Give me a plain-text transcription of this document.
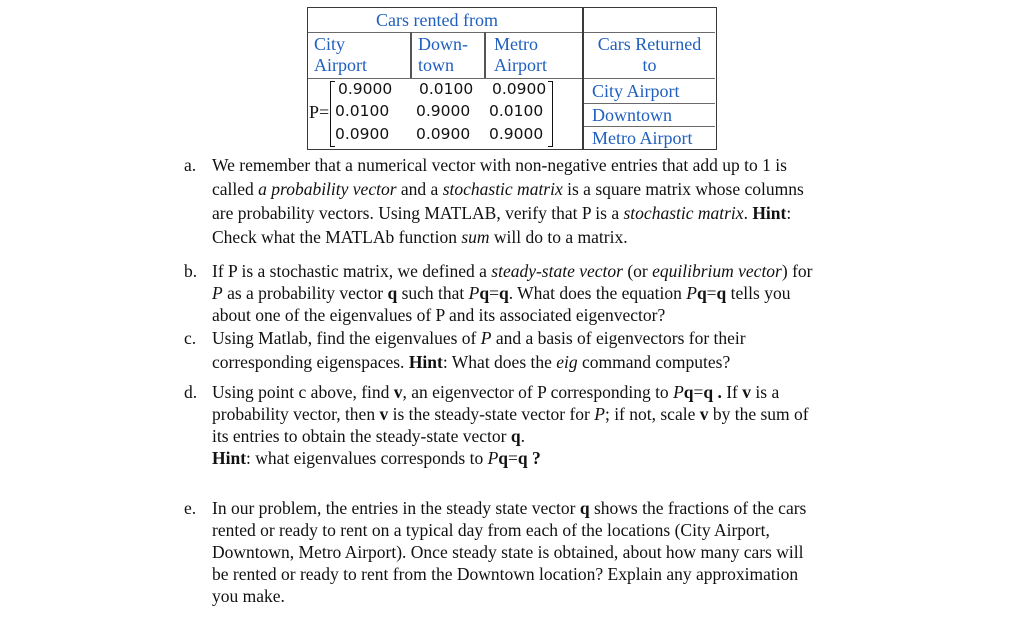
Cars rented from
City
Airport
Down-
town
Metro
Airport
Cars Returned
to
P=
0.9000 0.0100 0.0900
0.0100 0.9000 0.0100
0.0900 0.0900 0.9000
City Airport
Downtown
Metro Airport
a. We remember that a numerical vector with non-negative entries that add up to 1 is
called a probability vector and a stochastic matrix is a square matrix whose columns
are probability vectors. Using MATLAB, verify that P is a stochastic matrix. Hint:
Check what the MATLAb function sum will do to a matrix.
b. If P is a stochastic matrix, we defined a steady-state vector (or equilibrium vector) for
P as a probability vector q such that Pq=q. What does the equation Pq=q tells you
about one of the eigenvalues of P and its associated eigenvector?
c. Using Matlab, find the eigenvalues of P and a basis of eigenvectors for their
corresponding eigenspaces. Hint: What does the eig command computes?
d. Using point c above, find v, an eigenvector of P corresponding to Pq=q . If v is a
probability vector, then v is the steady-state vector for P; if not, scale v by the sum of
its entries to obtain the steady-state vector q.
Hint: what eigenvalues corresponds to Pq=q ?
e. In our problem, the entries in the steady state vector q shows the fractions of the cars
rented or ready to rent on a typical day from each of the locations (City Airport,
Downtown, Metro Airport). Once steady state is obtained, about how many cars will
be rented or ready to rent from the Downtown location? Explain any approximation
you make.
